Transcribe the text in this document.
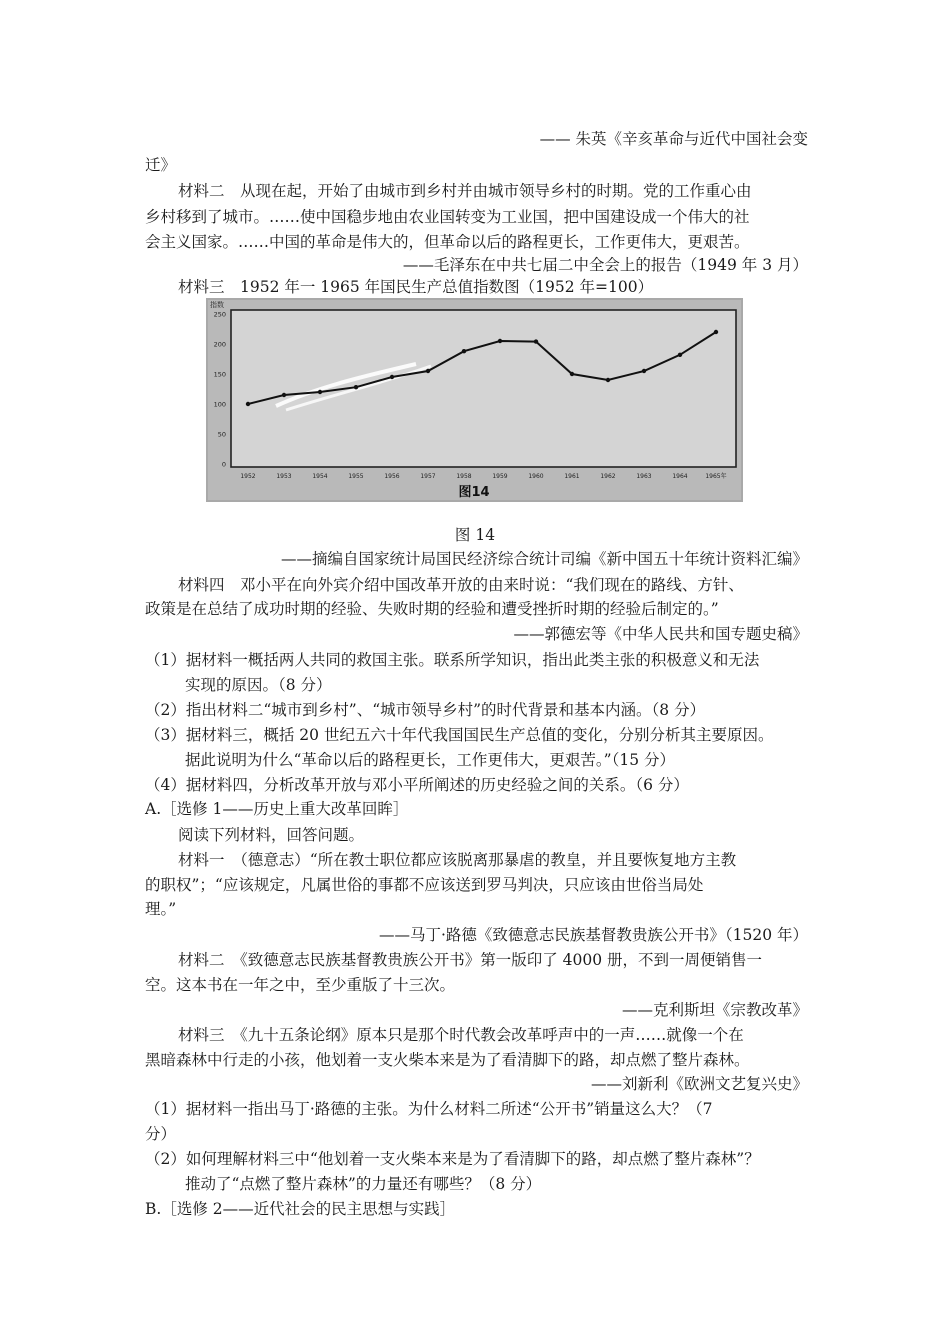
—— 朱英《辛亥革命与近代中国社会变
迁》
材料二　从现在起，开始了由城市到乡村并由城市领导乡村的时期。党的工作重心由
乡村移到了城市。……使中国稳步地由农业国转变为工业国，把中国建设成一个伟大的社
会主义国家。……中国的革命是伟大的，但革命以后的路程更长，工作更伟大，更艰苦。
——毛泽东在中共七届二中全会上的报告（1949 年 3 月）
材料三　1952 年一 1965 年国民生产总值指数图（1952 年=100）
指数
0
50
100
150
200
250
1952	1953	1954	1955	1956	1957	1958	1959	1960	1961	1962	1963	1964	1965年
图14
图 14
——摘编自国家统计局国民经济综合统计司编《新中国五十年统计资料汇编》
材料四　邓小平在向外宾介绍中国改革开放的由来时说：“我们现在的路线、方针、
政策是在总结了成功时期的经验、失败时期的经验和遭受挫折时期的经验后制定的。”
——郭德宏等《中华人民共和国专题史稿》
（1）据材料一概括两人共同的救国主张。联系所学知识，指出此类主张的积极意义和无法
实现的原因。（8 分）
（2）指出材料二“城市到乡村”、“城市领导乡村”的时代背景和基本内涵。（8 分）
（3）据材料三，概括 20 世纪五六十年代我国国民生产总值的变化，分别分析其主要原因。
据此说明为什么“革命以后的路程更长，工作更伟大，更艰苦。”（15 分）
（4）据材料四，分析改革开放与邓小平所阐述的历史经验之间的关系。（6 分）
A.［选修 1——历史上重大改革回眸］
阅读下列材料，回答问题。
材料一　（德意志）“所在教士职位都应该脱离那暴虐的教皇，并且要恢复地方主教
的职权”；“应该规定，凡属世俗的事都不应该送到罗马判决，只应该由世俗当局处
理。”
——马丁·路德《致德意志民族基督教贵族公开书》（1520 年）
材料二　《致德意志民族基督教贵族公开书》第一版印了 4000 册，不到一周便销售一
空。这本书在一年之中，至少重版了十三次。
——克利斯坦《宗教改革》
材料三　《九十五条论纲》原本只是那个时代教会改革呼声中的一声……就像一个在
黑暗森林中行走的小孩，他划着一支火柴本来是为了看清脚下的路，却点燃了整片森林。
——刘新利《欧洲文艺复兴史》
（1）据材料一指出马丁·路德的主张。为什么材料二所述“公开书”销量这么大？（7
分）
（2）如何理解材料三中“他划着一支火柴本来是为了看清脚下的路，却点燃了整片森林”？
推动了“点燃了整片森林”的力量还有哪些？（8 分）
B.［选修 2——近代社会的民主思想与实践］
